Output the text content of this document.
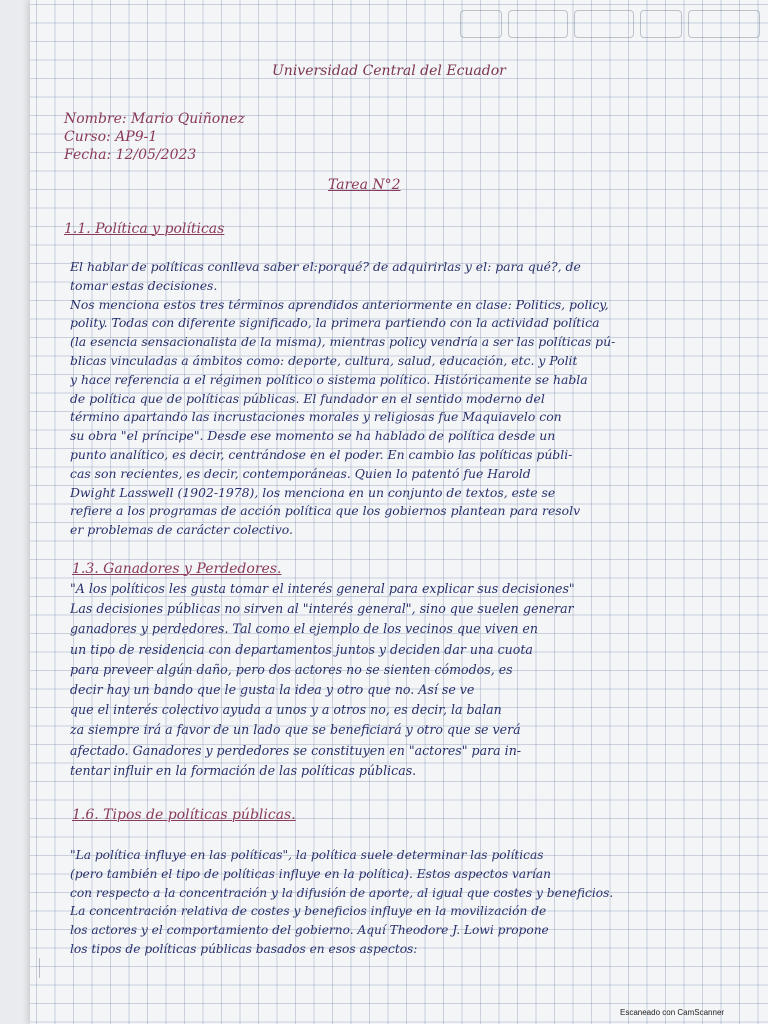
Universidad Central del Ecuador
Nombre: Mario Quiñonez
Curso: AP9-1
Fecha: 12/05/2023
Tarea N°2
1.1. Política y políticas
El hablar de políticas conlleva saber el:porqué? de adquirirlas y el: para qué?, de
tomar estas decisiones.
Nos menciona estos tres términos aprendidos anteriormente en clase: Politics, policy,
polity. Todas con diferente significado, la primera partiendo con la actividad política
(la esencia sensacionalista de la misma), mientras policy vendría a ser las políticas pú-
blicas vinculadas a ámbitos como: deporte, cultura, salud, educación, etc. y Polit
y hace referencia a el régimen político o sistema político. Históricamente se habla
de política que de políticas públicas. El fundador en el sentido moderno del
término apartando las incrustaciones morales y religiosas fue Maquiavelo con
su obra "el príncipe". Desde ese momento se ha hablado de política desde un
punto analítico, es decir, centrándose en el poder. En cambio las políticas públi-
cas son recientes, es decir, contemporáneas. Quien lo patentó fue Harold
Dwight Lasswell (1902-1978), los menciona en un conjunto de textos, este se
refiere a los programas de acción política que los gobiernos plantean para resolv
er problemas de carácter colectivo.
1.3. Ganadores y Perdedores.
"A los políticos les gusta tomar el interés general para explicar sus decisiones"
Las decisiones públicas no sirven al "interés general", sino que suelen generar
ganadores y perdedores. Tal como el ejemplo de los vecinos que viven en
un tipo de residencia con departamentos juntos y deciden dar una cuota
para preveer algún daño, pero dos actores no se sienten cómodos, es
decir hay un bando que le gusta la idea y otro que no. Así se ve
que el interés colectivo ayuda a unos y a otros no, es decir, la balan
za siempre irá a favor de un lado que se beneficiará y otro que se verá
afectado. Ganadores y perdedores se constituyen en "actores" para in-
tentar influir en la formación de las políticas públicas.
1.6. Tipos de políticas públicas.
"La política influye en las políticas", la política suele determinar las políticas
(pero también el tipo de políticas influye en la política). Estos aspectos varían
con respecto a la concentración y la difusión de aporte, al igual que costes y beneficios.
La concentración relativa de costes y beneficios influye en la movilización de
los actores y el comportamiento del gobierno. Aquí Theodore J. Lowi propone
los tipos de políticas públicas basados en esos aspectos:
Escaneado con CamScanner
